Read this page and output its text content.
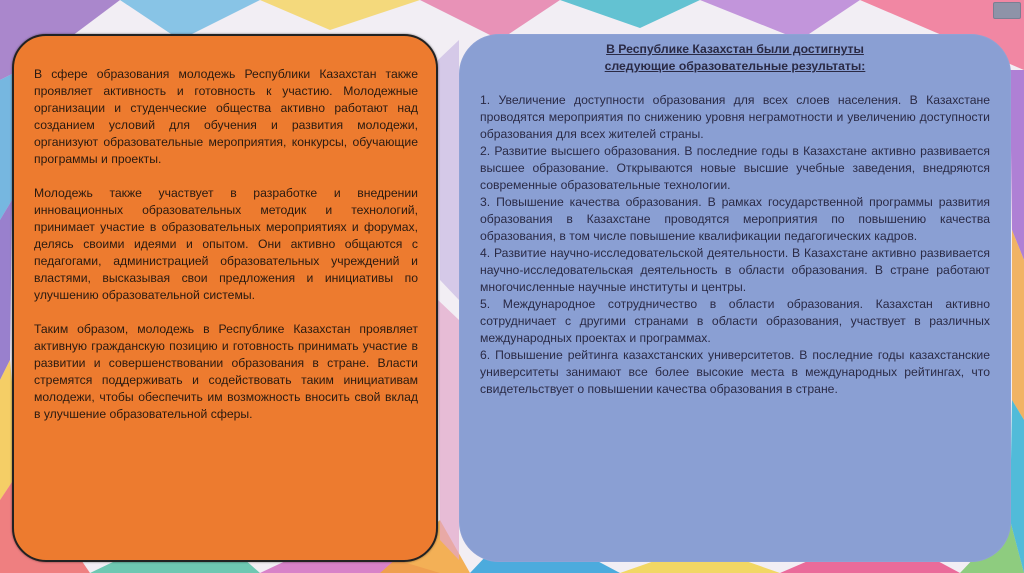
В сфере образования молодежь Республики Казахстан также проявляет активность и готовность к участию. Молодежные организации и студенческие общества активно работают над созданием условий для обучения и развития молодежи, организуют образовательные мероприятия, конкурсы, обучающие программы и проекты.

Молодежь также участвует в разработке и внедрении инновационных образовательных методик и технологий, принимает участие в образовательных мероприятиях и форумах, делясь своими идеями и опытом. Они активно общаются с педагогами, администрацией образовательных учреждений и властями, высказывая свои предложения и инициативы по улучшению образовательной системы.

Таким образом, молодежь в Республике Казахстан проявляет активную гражданскую позицию и готовность принимать участие в развитии и совершенствовании образования в стране. Власти стремятся поддерживать и содействовать таким инициативам молодежи, чтобы обеспечить им возможность вносить свой вклад в улучшение образовательной сферы.

В Республике Казахстан были достигнуты
следующие образовательные результаты:

1. Увеличение доступности образования для всех слоев населения. В Казахстане проводятся мероприятия по снижению уровня неграмотности и увеличению доступности образования для всех жителей страны.

2. Развитие высшего образования. В последние годы в Казахстане активно развивается высшее образование. Открываются новые высшие учебные заведения, внедряются современные образовательные технологии.

3. Повышение качества образования. В рамках государственной программы развития образования в Казахстане проводятся мероприятия по повышению качества образования, в том числе повышение квалификации педагогических кадров.

4. Развитие научно-исследовательской деятельности. В Казахстане активно развивается научно-исследовательская деятельность в области образования. В стране работают многочисленные научные институты и центры.

5. Международное сотрудничество в области образования. Казахстан активно сотрудничает с другими странами в области образования, участвует в различных международных проектах и программах.

6. Повышение рейтинга казахстанских университетов. В последние годы казахстанские университеты занимают все более высокие места в международных рейтингах, что свидетельствует о повышении качества образования в стране.
